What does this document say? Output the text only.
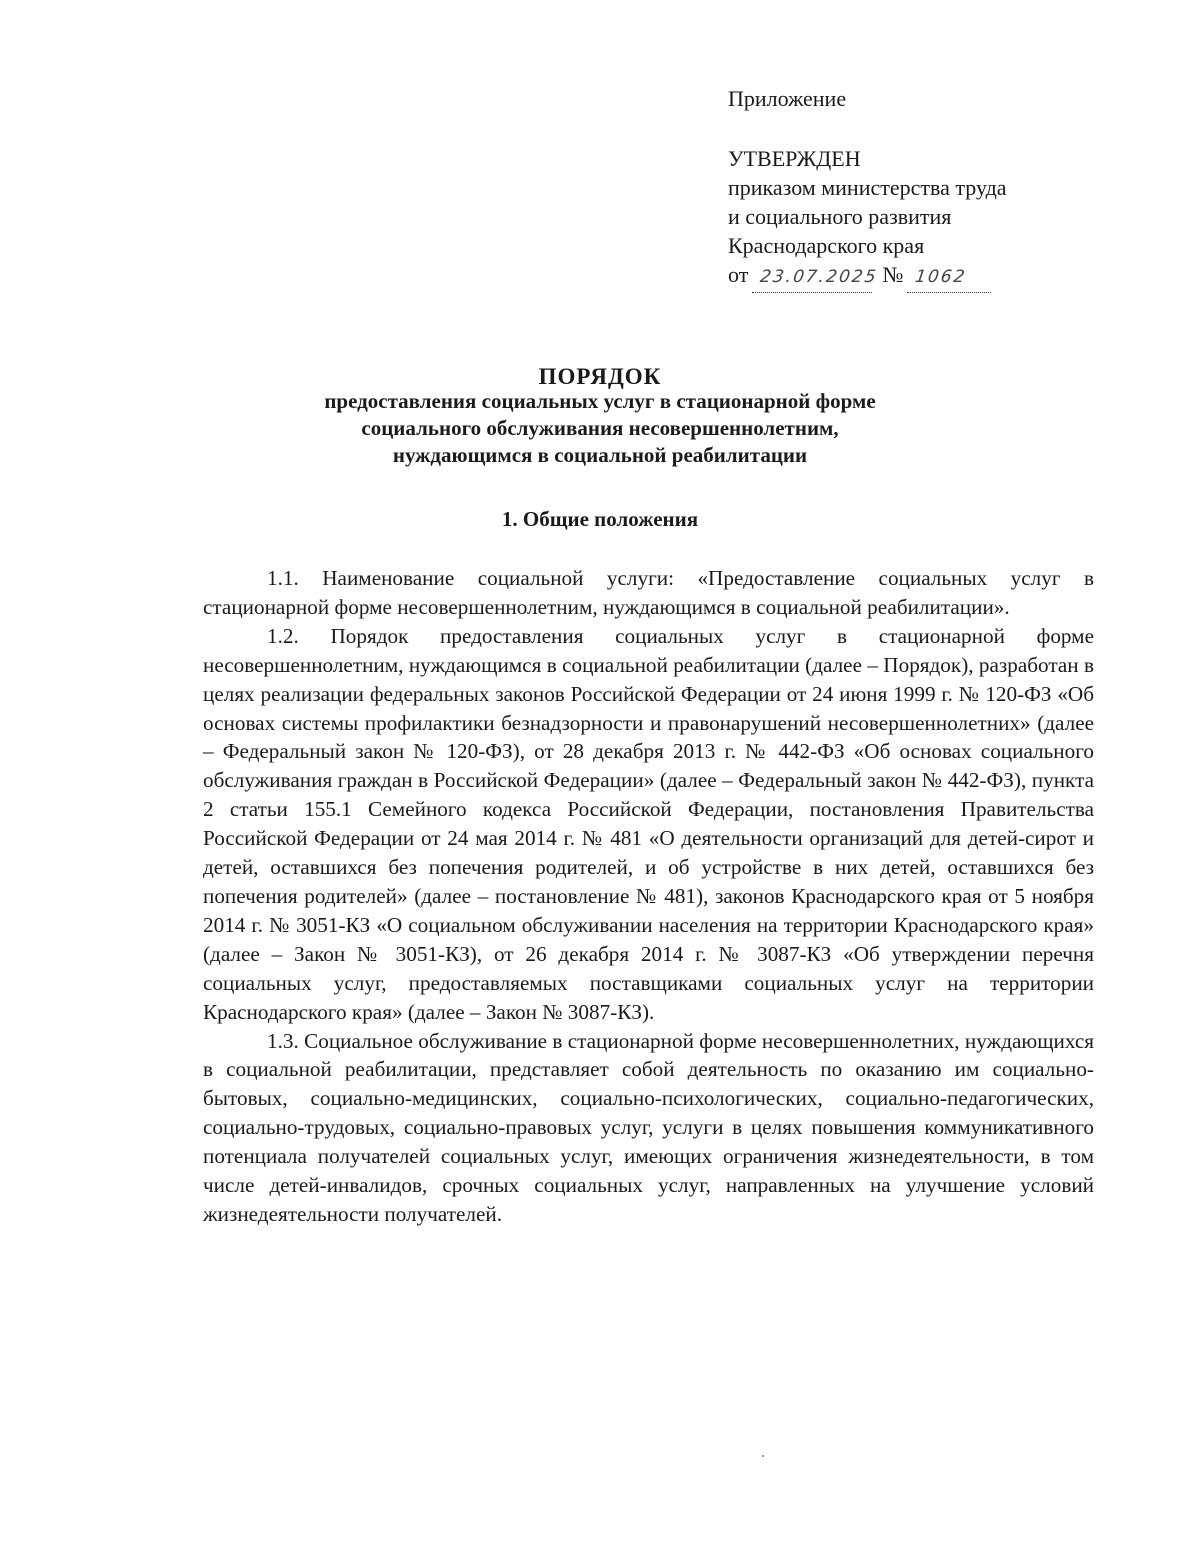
Приложение
УТВЕРЖДЕН
приказом министерства труда
и социального развития
Краснодарского края
от 23.07.2025 № 1062
ПОРЯДОК
предоставления социальных услуг в стационарной форме
социального обслуживания несовершеннолетним,
нуждающимся в социальной реабилитации
1. Общие положения

1.1. Наименование социальной услуги: «Предоставление социальных услуг в стационарной форме несовершеннолетним, нуждающимся в социальной реабилитации».

1.2. Порядок предоставления социальных услуг в стационарной форме несовершеннолетним, нуждающимся в социальной реабилитации (далее – Порядок), разработан в целях реализации федеральных законов Российской Федерации от 24 июня 1999 г. № 120-ФЗ «Об основах системы профилактики безнадзорности и правонарушений несовершеннолетних» (далее – Федеральный закон № 120-ФЗ), от 28 декабря 2013 г. № 442-ФЗ «Об основах социального обслуживания граждан в Российской Федерации» (далее – Федеральный закон № 442-ФЗ), пункта 2 статьи 155.1 Семейного кодекса Российской Федерации, постановления Правительства Российской Федерации от 24 мая 2014 г. № 481 «О деятельности организаций для детей-сирот и детей, оставшихся без попечения родителей, и об устройстве в них детей, оставшихся без попечения родителей» (далее – постановление № 481), законов Краснодарского края от 5 ноября 2014 г. № 3051-КЗ «О социальном обслуживании населения на территории Краснодарского края» (далее – Закон № 3051-КЗ), от 26 декабря 2014 г. № 3087-КЗ «Об утверждении перечня социальных услуг, предоставляемых поставщиками социальных услуг на территории Краснодарского края» (далее – Закон № 3087-КЗ).

1.3. Социальное обслуживание в стационарной форме несовершеннолетних, нуждающихся в социальной реабилитации, представляет собой деятельность по оказанию им социально-бытовых, социально-медицинских, социально-психологических, социально-педагогических, социально-трудовых, социально-правовых услуг, услуги в целях повышения коммуникативного потенциала получателей социальных услуг, имеющих ограничения жизнедеятельности, в том числе детей-инвалидов, срочных социальных услуг, направленных на улучшение условий жизнедеятельности получателей.
